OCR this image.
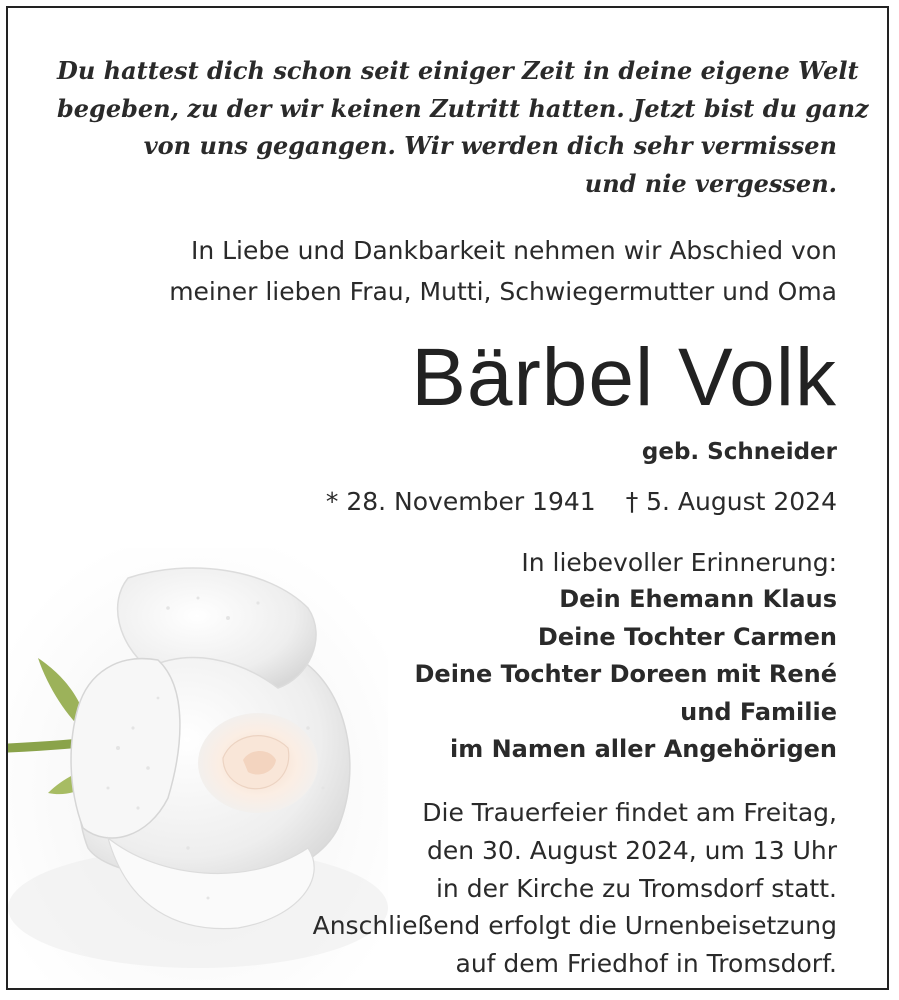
Du hattest dich schon seit einiger Zeit in deine eigene Welt
begeben, zu der wir keinen Zutritt hatten. Jetzt bist du ganz
von uns gegangen. Wir werden dich sehr vermissen
und nie vergessen.
In Liebe und Dankbarkeit nehmen wir Abschied von
meiner lieben Frau, Mutti, Schwiegermutter und Oma
Bärbel Volk
geb. Schneider
* 28. November 1941 † 5. August 2024
In liebevoller Erinnerung:
Dein Ehemann Klaus
Deine Tochter Carmen
Deine Tochter Doreen mit René
und Familie
im Namen aller Angehörigen
Die Trauerfeier findet am Freitag,
den 30. August 2024, um 13 Uhr
in der Kirche zu Tromsdorf statt.
Anschließend erfolgt die Urnenbeisetzung
auf dem Friedhof in Tromsdorf.
